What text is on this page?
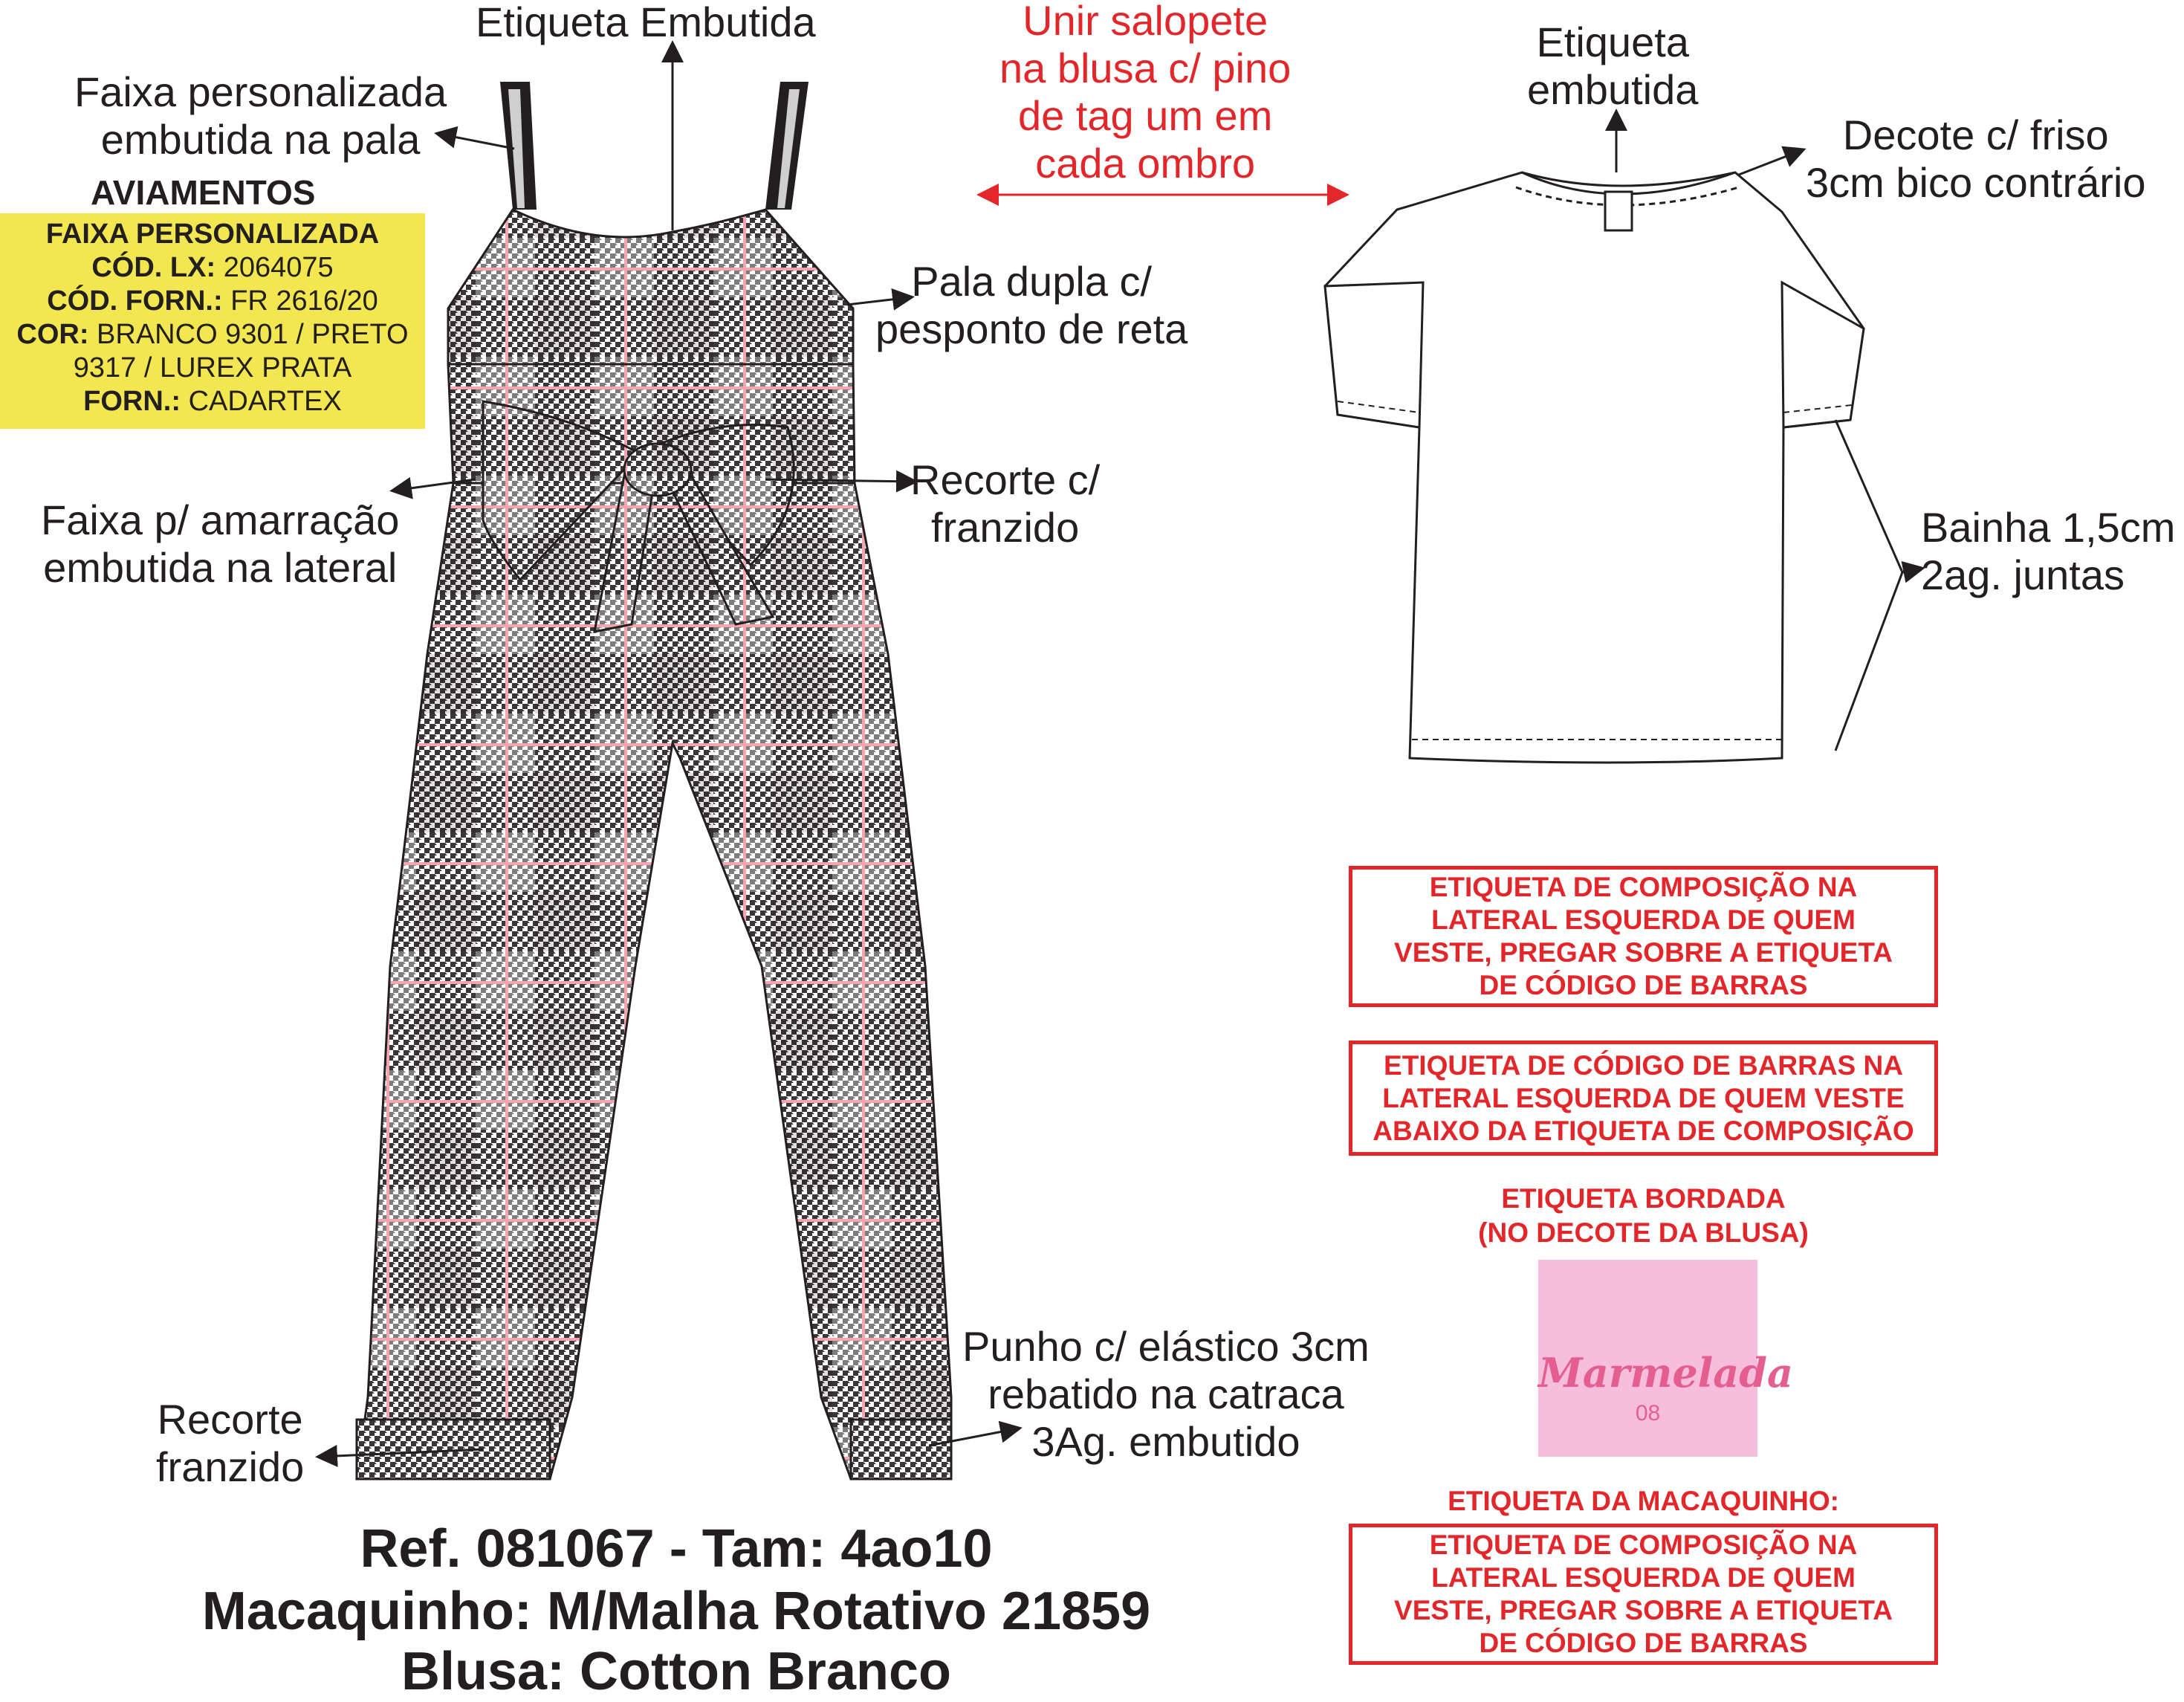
Etiqueta Embutida
Faixa personalizada
embutida na pala
AVIAMENTOS
FAIXA PERSONALIZADA
CÓD. LX: 2064075
CÓD. FORN.: FR 2616/20
COR: BRANCO 9301 / PRETO
9317 / LUREX PRATA
FORN.: CADARTEX
Pala dupla c/
pesponto de reta
Recorte c/
franzido
Faixa p/ amarração
embutida na lateral
Punho c/ elástico 3cm
rebatido na catraca
3Ag. embutido
Recorte
franzido
Unir salopete
na blusa c/ pino
de tag um em
cada ombro
Etiqueta
embutida
Decote c/ friso
3cm bico contrário
Bainha 1,5cm
2ag. juntas
ETIQUETA DE COMPOSIÇÃO NA
LATERAL ESQUERDA DE QUEM
VESTE, PREGAR SOBRE A ETIQUETA
DE CÓDIGO DE BARRAS
ETIQUETA DE CÓDIGO DE BARRAS NA
LATERAL ESQUERDA DE QUEM VESTE
ABAIXO DA ETIQUETA DE COMPOSIÇÃO
ETIQUETA BORDADA
(NO DECOTE DA BLUSA)
Marmelada
08
ETIQUETA DA MACAQUINHO:
ETIQUETA DE COMPOSIÇÃO NA
LATERAL ESQUERDA DE QUEM
VESTE, PREGAR SOBRE A ETIQUETA
DE CÓDIGO DE BARRAS
Ref. 081067 - Tam: 4ao10
Macaquinho: M/Malha Rotativo 21859
Blusa: Cotton Branco
